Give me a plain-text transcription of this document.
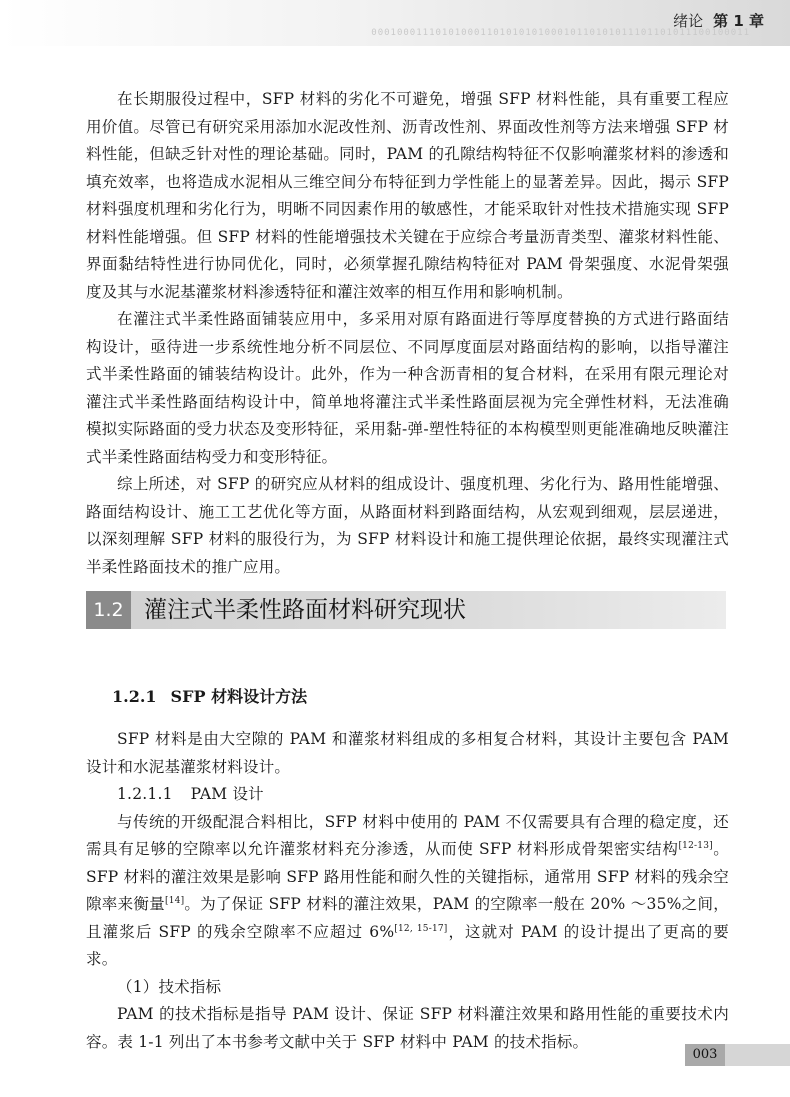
00010001110101000110101010100010110101011101101011100100011
绪论 第 1 章

在长期服役过程中，SFP 材料的劣化不可避免，增强 SFP 材料性能，具有重要工程应用价值。尽管已有研究采用添加水泥改性剂、沥青改性剂、界面改性剂等方法来增强 SFP 材料性能，但缺乏针对性的理论基础。同时，PAM 的孔隙结构特征不仅影响灌浆材料的渗透和填充效率，也将造成水泥相从三维空间分布特征到力学性能上的显著差异。因此，揭示 SFP 材料强度机理和劣化行为，明晰不同因素作用的敏感性，才能采取针对性技术措施实现 SFP 材料性能增强。但 SFP 材料的性能增强技术关键在于应综合考量沥青类型、灌浆材料性能、界面黏结特性进行协同优化，同时，必须掌握孔隙结构特征对 PAM 骨架强度、水泥骨架强度及其与水泥基灌浆材料渗透特征和灌注效率的相互作用和影响机制。

在灌注式半柔性路面铺装应用中，多采用对原有路面进行等厚度替换的方式进行路面结构设计，亟待进一步系统性地分析不同层位、不同厚度面层对路面结构的影响，以指导灌注式半柔性路面的铺装结构设计。此外，作为一种含沥青相的复合材料，在采用有限元理论对灌注式半柔性路面结构设计中，简单地将灌注式半柔性路面层视为完全弹性材料，无法准确模拟实际路面的受力状态及变形特征，采用黏-弹-塑性特征的本构模型则更能准确地反映灌注式半柔性路面结构受力和变形特征。

综上所述，对 SFP 的研究应从材料的组成设计、强度机理、劣化行为、路用性能增强、路面结构设计、施工工艺优化等方面，从路面材料到路面结构，从宏观到细观，层层递进，以深刻理解 SFP 材料的服役行为，为 SFP 材料设计和施工提供理论依据，最终实现灌注式半柔性路面技术的推广应用。

1.2 灌注式半柔性路面材料研究现状
1.2.1 SFP 材料设计方法

SFP 材料是由大空隙的 PAM 和灌浆材料组成的多相复合材料，其设计主要包含 PAM 设计和水泥基灌浆材料设计。

1.2.1.1 PAM 设计

与传统的开级配混合料相比，SFP 材料中使用的 PAM 不仅需要具有合理的稳定度，还需具有足够的空隙率以允许灌浆材料充分渗透，从而使 SFP 材料形成骨架密实结构[12-13]。SFP 材料的灌注效果是影响 SFP 路用性能和耐久性的关键指标，通常用 SFP 材料的残余空隙率来衡量[14]。为了保证 SFP 材料的灌注效果，PAM 的空隙率一般在 20% ～35%之间，且灌浆后 SFP 的残余空隙率不应超过 6%[12, 15-17]，这就对 PAM 的设计提出了更高的要求。

（1）技术指标

PAM 的技术指标是指导 PAM 设计、保证 SFP 材料灌注效果和路用性能的重要技术内容。表 1-1 列出了本书参考文献中关于 SFP 材料中 PAM 的技术指标。

003
